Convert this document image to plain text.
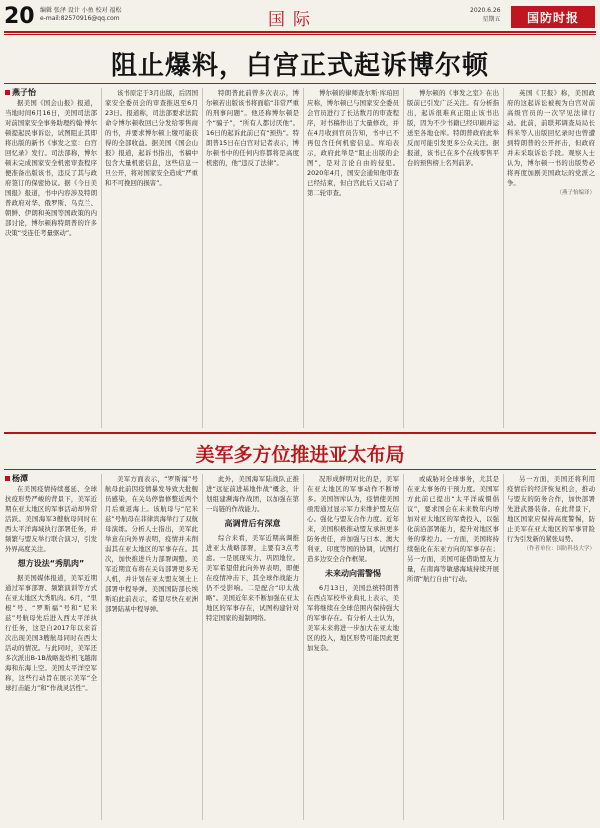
20 编辑 张泽 设计 小鱼 校对 福松
e-mail:82570916@qq.com	国际	2020.6.26
星期五	国防时报
阻止爆料，白宫正式起诉博尔顿

燕子怡

据美国《国会山报》报道，当地时间6月16日，美国司法部对前国家安全事务助理约翰·博尔顿提起民事诉讼，试图阻止其即将出版的新书《事发之室：白宫回忆录》发行。司法部称，博尔顿未完成国家安全机密审查程序便准备出版该书，违反了其与政府签订的保密协议。据《今日美国报》报道，书中内容涉及特朗普政府对华、俄罗斯、乌克兰、朝鲜、伊朗和英国等国政策的内部讨论，博尔顿称特朗普的许多决策“受连任考量驱动”。

该书原定于3月出版，后因国家安全委员会的审查推迟至6月23日。报道称，司法部要求法院命令博尔顿收回已分发给零售商的书，并要求博尔顿上缴可能获得的全部收益。据美国《国会山报》报道，起诉书指出，书稿中包含大量机密信息，这些信息一旦公开，将对国家安全造成“严重和不可挽回的损害”。

特朗普此前曾多次表示，博尔顿若出版该书将面临“非常严重的刑事问题”。他还称博尔顿是个“骗子”，“所有人都讨厌他”。16日的起诉此前已有“预热”。特朗普15日在白宫对记者表示，博尔顿书中的任何内容都将是高度机密的，他“违反了法律”。

博尔顿的律师查尔斯·库珀回应称，博尔顿已与国家安全委员会官员进行了长达数月的审查程序，对书稿作出了大量修改，并在4月收到官员告知，书中已不再包含任何机密信息。库珀表示，政府此举是“阻止出版的企图”，是对言论自由的侵犯。2020年4月，国安会通知他审查已经结束，但白宫此后又启动了第二轮审查。

博尔顿的《事发之室》在出版前已引发广泛关注。有分析指出，起诉很难真正阻止该书出版，因为不少书籍已经印刷并运送至各地仓库。特朗普政府此举反而可能引发更多公众关注。据报道，该书已在多个在线零售平台的预售榜上名列前茅。

英国《卫报》称，美国政府的这起诉讼被视为白宫对前高级官员的一次罕见法律行动。此前，前联邦调查局局长科米等人出版回忆录时也曾遭到特朗普的公开抨击，但政府并未采取诉讼手段。观察人士认为，博尔顿一书的出版势必将再度加剧美国政坛的党派之争。

（燕子怡编译）

美军多方位推进亚太布局

杨潭

在美国疫情持续蔓延、全球抗疫形势严峻的背景下，美军近期在亚太地区的军事活动却异常活跃。美国海军3艘航母同时在西太平洋海域执行部署任务，并频繁与盟友举行联合演习，引发外界高度关注。

想方设法“秀肌肉”

据美国媒体报道，美军近期通过军事部署、频繁演训等方式在亚太地区大秀肌肉。6月，“里根”号、“罗斯福”号和“尼米兹”号航母先后进入西太平洋执行任务，这是自2017年以来首次出现美国3艘航母同时在西太活动的情况。与此同时，美军还多次派出B-1B战略轰炸机飞越南海和东海上空。美国太平洋空军称，这些行动旨在展示美军“全球打击能力”和“作战灵活性”。

美军方面表示，“罗斯福”号航母此前因疫情暴发导致大批舰员感染，在关岛停靠修整近两个月后重返海上。该航母与“尼米兹”号航母在菲律宾海举行了双航母演练。分析人士指出，美军此举意在向外界表明，疫情并未削弱其在亚太地区的军事存在。其次，加快推进兵力部署调整。美军近期宣布将在关岛部署更多无人机，并计划在亚太盟友领土上部署中程导弹。美国国防部长埃斯珀此前表示，希望尽快在亚洲部署陆基中程导弹。

此外，美国海军陆战队正推进“远征前进基地作战”概念，计划组建濒海作战团，以加强在第一岛链的作战能力。

高调背后有深意

综合来看，美军近期高调推进亚太战略部署，主要有3点考虑。一是展现实力、巩固地位。美军希望借此向外界表明，即便在疫情冲击下，其全球作战能力仍不受影响。二是配合“印太战略”。美国近年来不断加强在亚太地区的军事存在，试图构建针对特定国家的遏制网络。

况形成鲜明对比的是，美军在亚太地区的军事动作不断增多。美国智库认为，疫情使美国亟需通过显示军力来维护盟友信心。强化与盟友合作力度。近年来，美国积极推动盟友承担更多防务责任，并加强与日本、澳大利亚、印度等国的协调，试图打造多边安全合作框架。

未来动向需警惕

6月13日，美国总统特朗普在西点军校毕业典礼上表示，美军将继续在全球范围内保持强大的军事存在。有分析人士认为，美军未来将进一步加大在亚太地区的投入，地区形势可能因此更加复杂。

或威胁对全球事务，尤其是在亚太事务的干预力度。美国军方此前已提出“太平洋威慑倡议”，要求国会在未来数年内增加对亚太地区的军费投入，以强化前沿部署能力，提升对地区事务的掌控力。一方面，美国将持续强化在东亚方向的军事存在；另一方面，美国可能借助盟友力量，在南海等敏感海域持续开展所谓“航行自由”行动。

另一方面，美国还将利用疫情后的经济恢复机会，推动与盟友的防务合作，加快部署先进武器装备。在此背景下，地区国家应保持高度警惕，防止美军在亚太地区的军事冒险行为引发新的紧张局势。

（作者单位：国防科技大学）
